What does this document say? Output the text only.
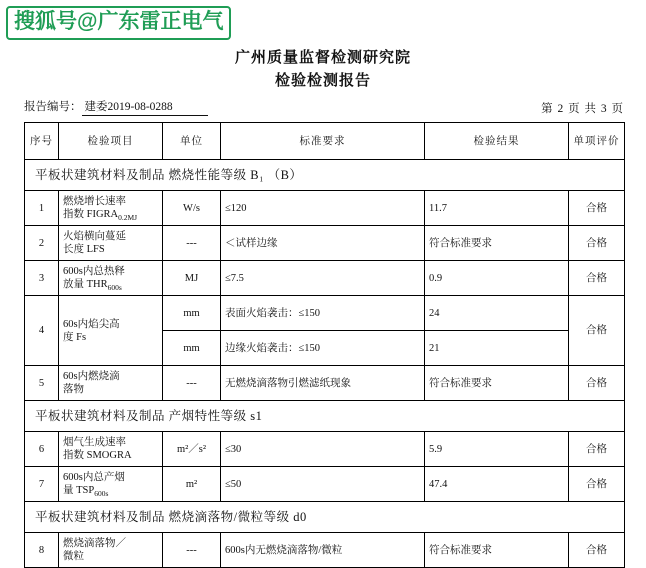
搜狐号@广东雷正电气
广州质量监督检测研究院
检验检测报告
报告编号： 建委2019-08-0288	第 2 页 共 3 页
序号	检验项目	单位	标准要求	检验结果	单项评价
平板状建筑材料及制品 燃烧性能等级 B₁ （B）					
1	燃烧增长速率
指数 $FIGRA_{0.2MJ}$	W/s	≤120	11.7	合格
2	火焰横向蔓延
长度 LFS	---	＜试样边缘	符合标准要求	合格
3	600s内总热释
放量 $THR_{600s}$	MJ	≤7.5	0.9	合格
4	60s内焰尖高
度 Fs	mm	表面火焰袭击：≤150	24	合格
		mm	边缘火焰袭击：≤150	21	
5	60s内燃烧滴
落物	---	无燃烧滴落物引燃滤纸现象	符合标准要求	合格
平板状建筑材料及制品 产烟特性等级 s1					
6	烟气生成速率
指数 SMOGRA	m²／s²	≤30	5.9	合格
7	600s内总产烟
量 $TSP_{600s}$	m²	≤50	47.4	合格
平板状建筑材料及制品 燃烧滴落物/微粒等级 d0					
8	燃烧滴落物／
微粒	---	600s内无燃烧滴落物/微粒	符合标准要求	合格
